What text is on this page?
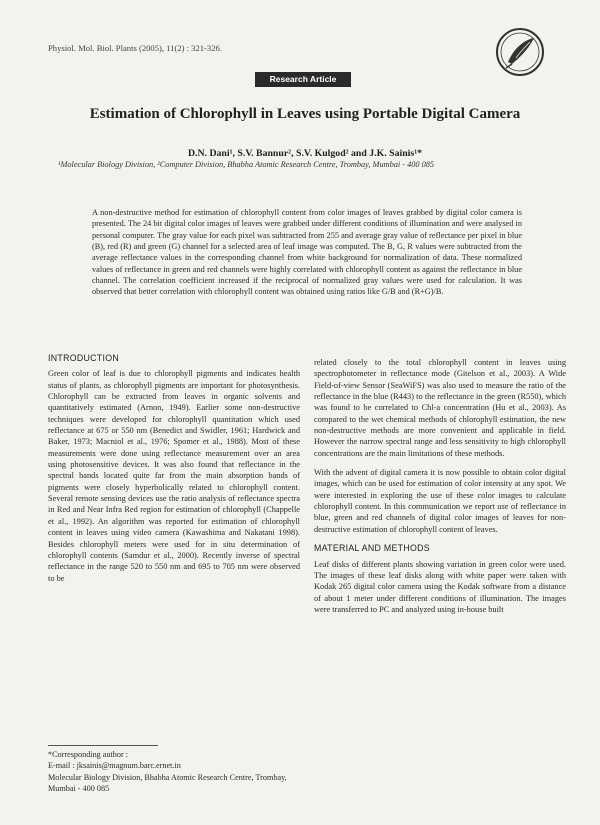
Physiol. Mol. Biol. Plants (2005), 11(2) : 321-326.
Research Article
Estimation of Chlorophyll in Leaves using Portable Digital Camera
D.N. Dani¹, S.V. Bannur², S.V. Kulgod² and J.K. Sainis¹*
¹Molecular Biology Division, ²Computer Division, Bhabha Atomic Research Centre, Trombay, Mumbai - 400 085
A non-destructive method for estimation of chlorophyll content from color images of leaves grabbed by digital color camera is presented. The 24 bit digital color images of leaves were grabbed under different conditions of illumination and were analysed in personal computer. The gray value for each pixel was subtracted from 255 and average gray value of reflectance per pixel in blue (B), red (R) and green (G) channel for a selected area of leaf image was computed. The B, G, R values were subtracted from the average reflectance values in the corresponding channel from white background for normalization of data. These normalized values of reflectance in green and red channels were highly correlated with chlorophyll content as against the reflectance in blue channel. The correlation coefficient increased if the reciprocal of normalized gray values were used for calculation. It was observed that better correlation with chlorophyll content was obtained using ratios like G/B and (R+G)/B.
INTRODUCTION

Green color of leaf is due to chlorophyll pigments and indicates health status of plants, as chlorophyll pigments are important for photosynthesis. Chlorophyll can be extracted from leaves in organic solvents and quantitatively estimated (Arnon, 1949). Earlier some non-destructive techniques were developed for chlorophyll quantitation which used reflectance at 675 or 550 nm (Benedict and Swidler, 1961; Hardwick and Baker, 1973; Macniol et al., 1976; Spomer et al., 1988). Most of these measurements were done using reflectance measurement over an area using photosensitive devices. It was also found that reflectance in the spectral bands located quite far from the main absorption bands of pigments were closely hyperbolically related to chlorophyll content. Several remote sensing devices use the ratio analysis of reflectance spectra in Red and Near Infra Red region for estimation of chlorophyll (Chappelle et al., 1992). An algorithm was reported for estimation of chlorophyll content in leaves using video camera (Kawashima and Nakatani 1998). Besides chlorophyll meters were used for in situ determination of chlorophyll contents (Samdur et al., 2000). Recently inverse of spectral reflectance in the range 520 to 550 nm and 695 to 705 nm were observed to be

related closely to the total chlorophyll content in leaves using spectrophotometer in reflectance mode (Gitelson et al., 2003). A Wide Field-of-view Sensor (SeaWiFS) was also used to measure the ratio of the reflectance in the blue (R443) to the reflectance in the green (R550), which was found to be correlated to Chl-a concentration (Hu et al., 2003). As compared to the wet chemical methods of chlorophyll estimation, the new non-destructive methods are more convenient and applicable in field. However the narrow spectral range and less sensitivity to high chlorophyll concentrations are the main limitations of these methods.

With the advent of digital camera it is now possible to obtain color digital images, which can be used for estimation of color intensity at any spot. We were interested in exploring the use of these color images to calculate chlorophyll content. In this communication we report use of reflectance in blue, green and red channels of digital color images of leaves for non-destructive estimation of chlorophyll content of leaves.

MATERIAL AND METHODS

Leaf disks of different plants showing variation in green color were used. The images of these leaf disks along with white paper were taken with Kodak 265 digital color camera using the Kodak software from a distance of about 1 meter under different conditions of illumination. The images were transferred to PC and analyzed using in-house built

*Corresponding author :
E-mail : jksainis@magnum.barc.ernet.in
Molecular Biology Division, Bhabha Atomic Research Centre, Trombay, Mumbai - 400 085
